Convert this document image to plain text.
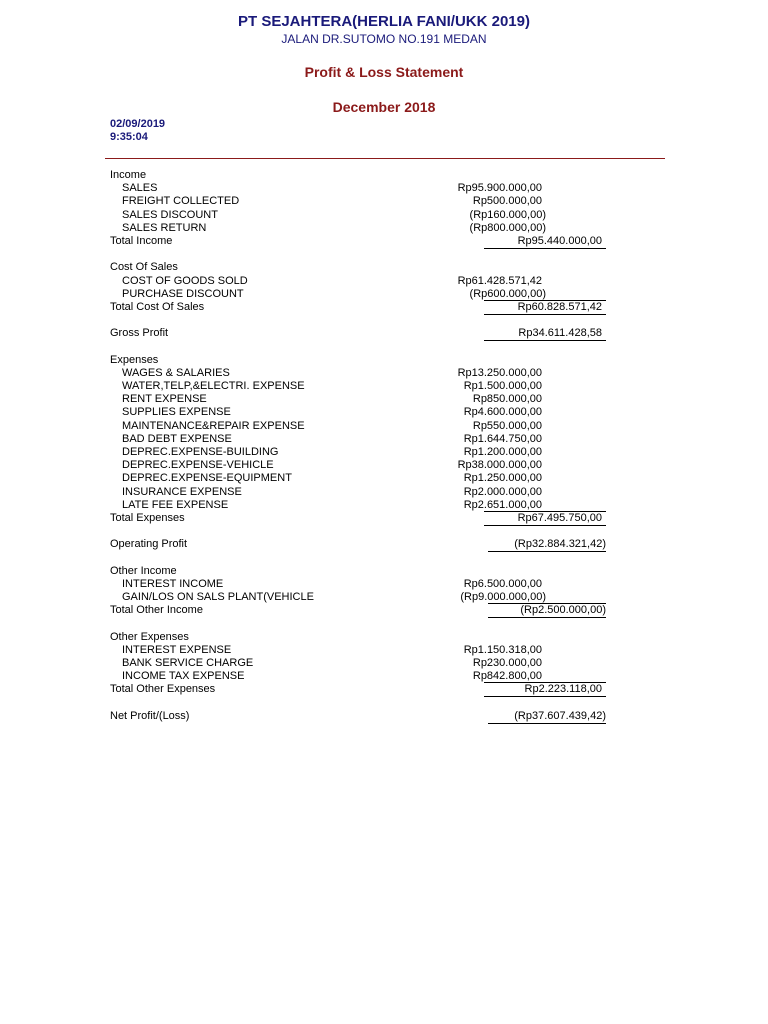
PT SEJAHTERA(HERLIA FANI/UKK 2019)
JALAN DR.SUTOMO NO.191 MEDAN
Profit & Loss Statement
December 2018
02/09/2019
9:35:04
Income
SALES	Rp95.900.000,00
FREIGHT COLLECTED	Rp500.000,00
SALES DISCOUNT	(Rp160.000,00)
SALES RETURN	(Rp800.000,00)
Total Income	Rp95.440.000,00
Cost Of Sales
COST OF GOODS SOLD	Rp61.428.571,42
PURCHASE DISCOUNT	(Rp600.000,00)
Total Cost Of Sales	Rp60.828.571,42
Gross Profit	Rp34.611.428,58
Expenses
WAGES & SALARIES	Rp13.250.000,00
WATER,TELP,&ELECTRI. EXPENSE	Rp1.500.000,00
RENT EXPENSE	Rp850.000,00
SUPPLIES EXPENSE	Rp4.600.000,00
MAINTENANCE&REPAIR EXPENSE	Rp550.000,00
BAD DEBT EXPENSE	Rp1.644.750,00
DEPREC.EXPENSE-BUILDING	Rp1.200.000,00
DEPREC.EXPENSE-VEHICLE	Rp38.000.000,00
DEPREC.EXPENSE-EQUIPMENT	Rp1.250.000,00
INSURANCE EXPENSE	Rp2.000.000,00
LATE FEE EXPENSE	Rp2.651.000,00
Total Expenses	Rp67.495.750,00
Operating Profit	(Rp32.884.321,42)
Other Income
INTEREST INCOME	Rp6.500.000,00
GAIN/LOS ON SALS PLANT(VEHICLE	(Rp9.000.000,00)
Total Other Income	(Rp2.500.000,00)
Other Expenses
INTEREST EXPENSE	Rp1.150.318,00
BANK SERVICE CHARGE	Rp230.000,00
INCOME TAX EXPENSE	Rp842.800,00
Total Other Expenses	Rp2.223.118,00
Net Profit/(Loss)	(Rp37.607.439,42)
